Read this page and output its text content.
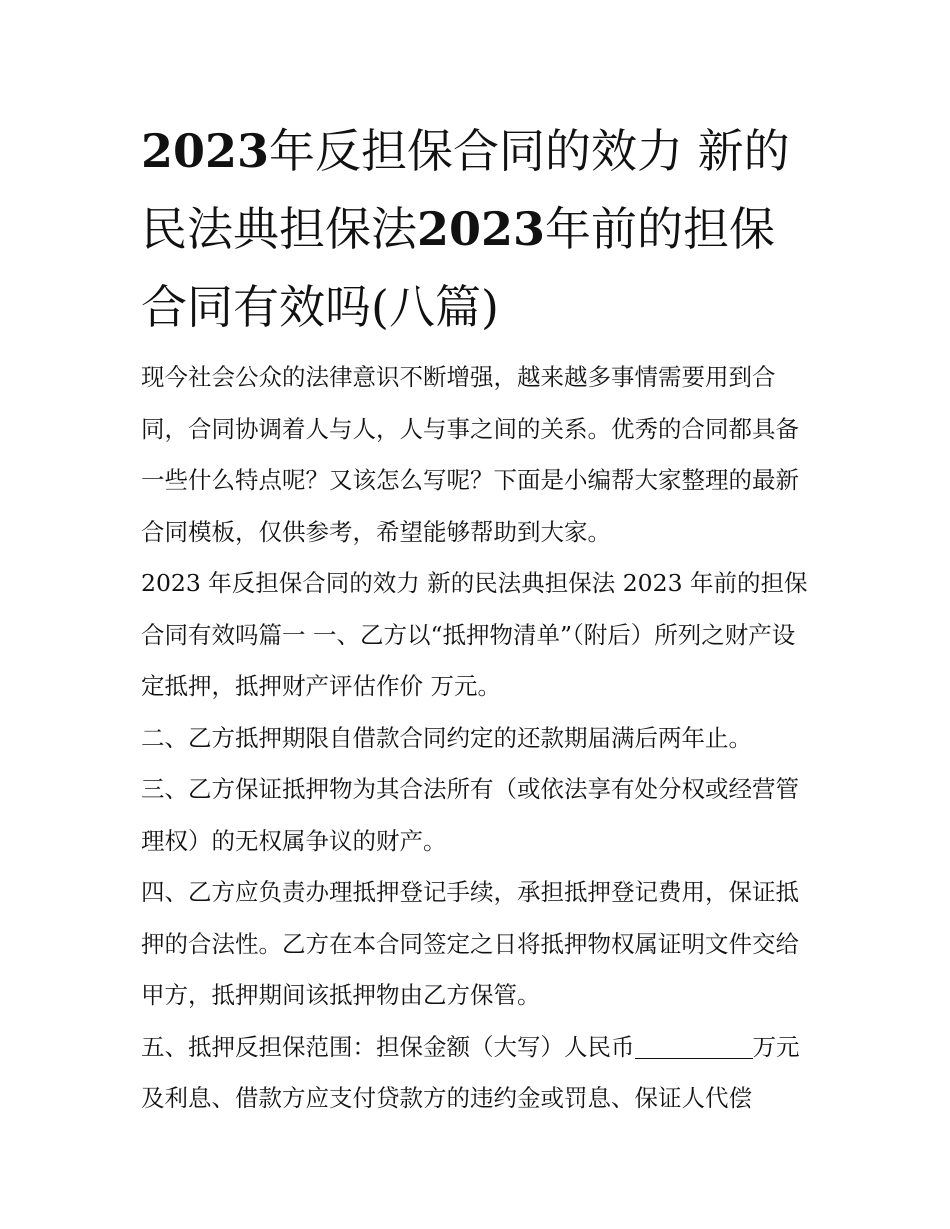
2023年反担保合同的效力 新的民法典担保法2023年前的担保合同有效吗(八篇)

现今社会公众的法律意识不断增强，越来越多事情需要用到合同，合同协调着人与人，人与事之间的关系。优秀的合同都具备一些什么特点呢？又该怎么写呢？下面是小编帮大家整理的最新合同模板，仅供参考，希望能够帮助到大家。

2023 年反担保合同的效力 新的民法典担保法 2023 年前的担保合同有效吗篇一 一、乙方以“抵押物清单”（附后）所列之财产设定抵押，抵押财产评估作价 万元。

二、乙方抵押期限自借款合同约定的还款期届满后两年止。

三、乙方保证抵押物为其合法所有（或依法享有处分权或经营管理权）的无权属争议的财产。

四、乙方应负责办理抵押登记手续，承担抵押登记费用，保证抵押的合法性。乙方在本合同签定之日将抵押物权属证明文件交给甲方，抵押期间该抵押物由乙方保管。

五、抵押反担保范围：担保金额（大写）人民币	万元及利息、借款方应支付贷款方的违约金或罚息、保证人代偿
